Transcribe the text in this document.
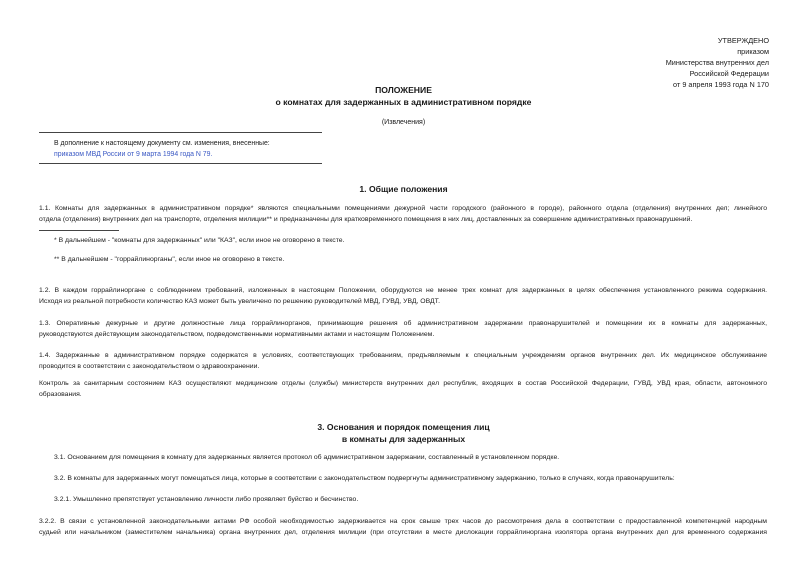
УТВЕРЖДЕНО
приказом
Министерства внутренних дел
Российской Федерации
от 9 апреля 1993 года N 170
ПОЛОЖЕНИЕ
о комнатах для задержанных в административном порядке
(Извлечения)
В дополнение к настоящему документу см. изменения, внесенные:
приказом МВД России от 9 марта 1994 года N 79.
1. Общие положения
1.1. Комнаты для задержанных в административном порядке* являются специальными помещениями дежурной части городского (районного в городе), районного отдела (отделения) внутренних дел; линейного
отдела (отделения) внутренних дел на транспорте, отделения милиции** и предназначены для кратковременного помещения в них лиц, доставленных за совершение административных правонарушений.
* В дальнейшем - "комнаты для задержанных" или "КАЗ", если иное не оговорено в тексте.
** В дальнейшем - "горрайлинорганы", если иное не оговорено в тексте.
1.2. В каждом горрайлиноргане с соблюдением требований, изложенных в настоящем Положении, оборудуются не менее трех комнат для задержанных в целях обеспечения установленного режима содержания.
Исходя из реальной потребности количество КАЗ может быть увеличено по решению руководителей МВД, ГУВД, УВД, ОВДТ.
1.3. Оперативные дежурные и другие должностные лица горрайлинорганов, принимающие решения об административном задержании правонарушителей и помещении их в комнаты для задержанных,
руководствуются действующим законодательством, подведомственными нормативными актами и настоящим Положением.
1.4. Задержанные в административном порядке содержатся в условиях, соответствующих требованиям, предъявляемым к специальным учреждениям органов внутренних дел. Их медицинское обслуживание
проводится в соответствии с законодательством о здравоохранении.
Контроль за санитарным состоянием КАЗ осуществляют медицинские отделы (службы) министерств внутренних дел республик, входящих в состав Российской Федерации, ГУВД, УВД края, области, автономного
образования.
3. Основания и порядок помещения лиц
в комнаты для задержанных
3.1. Основанием для помещения в комнату для задержанных является протокол об административном задержании, составленный в установленном порядке.
3.2. В комнаты для задержанных могут помещаться лица, которые в соответствии с законодательством подвергнуты административному задержанию, только в случаях, когда правонарушитель:
3.2.1. Умышленно препятствует установлению личности либо проявляет буйство и бесчинство.
3.2.2. В связи с установленной законодательными актами РФ особой необходимостью задерживается на срок свыше трех часов до рассмотрения дела в соответствии с предоставленной компетенцией народным
судьей или начальником (заместителем начальника) органа внутренних дел, отделения милиции (при отсутствии в месте дислокации горрайлиноргана изолятора органа внутренних дел для временного содержания
